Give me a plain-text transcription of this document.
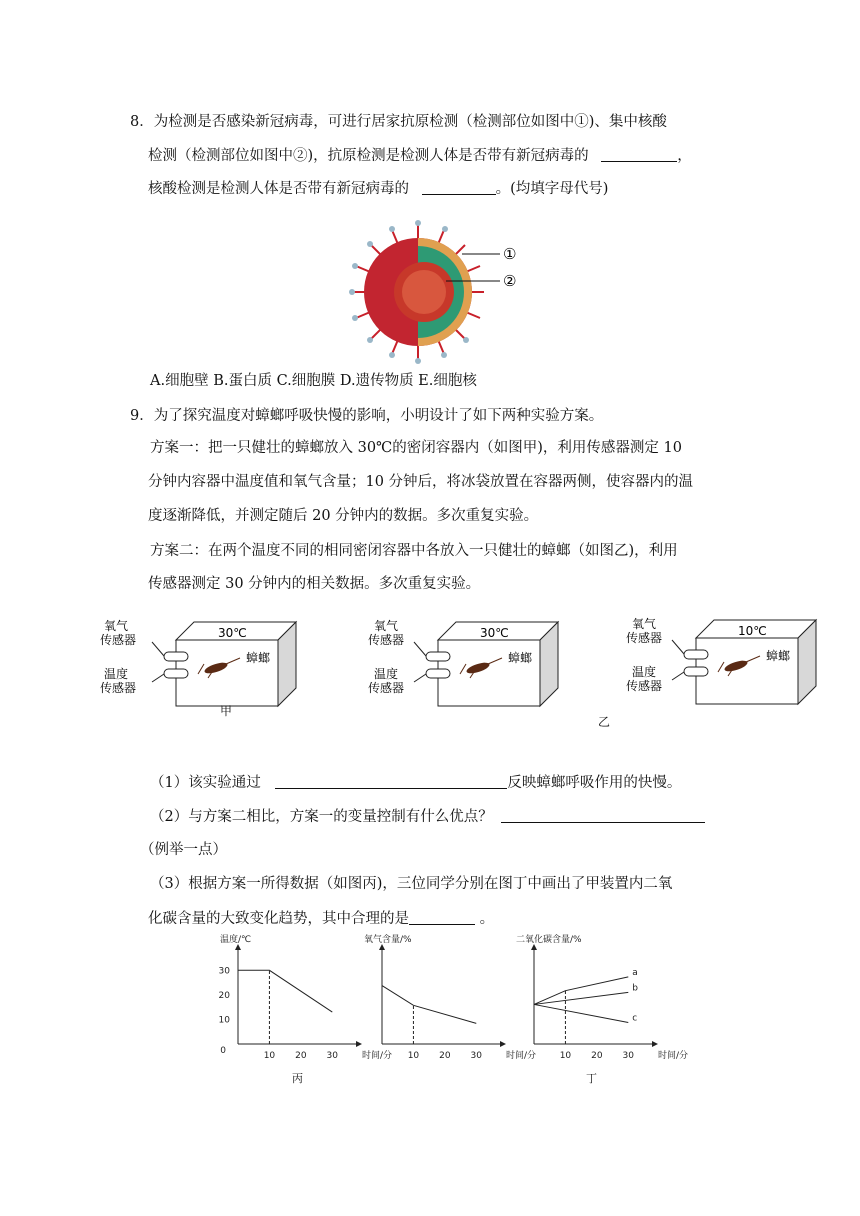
8．为检测是否感染新冠病毒，可进行居家抗原检测（检测部位如图中①)、集中核酸
检测（检测部位如图中②)，抗原检测是检测人体是否带有新冠病毒的	，
核酸检测是检测人体是否带有新冠病毒的	。(均填字母代号)
①
②
A.细胞壁 B.蛋白质 C.细胞膜 D.遗传物质 E.细胞核
9．为了探究温度对蟑螂呼吸快慢的影响，小明设计了如下两种实验方案。
方案一：把一只健壮的蟑螂放入 30℃的密闭容器内（如图甲)，利用传感器测定 10
分钟内容器中温度值和氧气含量；10 分钟后，将冰袋放置在容器两侧，使容器内的温
度逐渐降低，并测定随后 20 分钟内的数据。多次重复实验。
方案二：在两个温度不同的相同密闭容器中各放入一只健壮的蟑螂（如图乙)，利用
传感器测定 30 分钟内的相关数据。多次重复实验。
30℃
氧气
传感器
温度
传感器
蟑螂
30℃
氧气
传感器
温度
传感器
蟑螂
10℃
氧气
传感器
温度
传感器
蟑螂
甲
乙
（1）该实验通过	反映蟑螂呼吸作用的快慢。
（2）与方案二相比，方案一的变量控制有什么优点？
（例举一点）
（3）根据方案一所得数据（如图丙)，三位同学分别在图丁中画出了甲装置内二氧
化碳含量的大致变化趋势，其中合理的是	。
温度/℃
时间/分
10 20 30
0
10
20
30
氧气含量/%
时间/分
10 20 30
二氧化碳含量/%
时间/分
10 20 30
a
b
c
丙	丁
